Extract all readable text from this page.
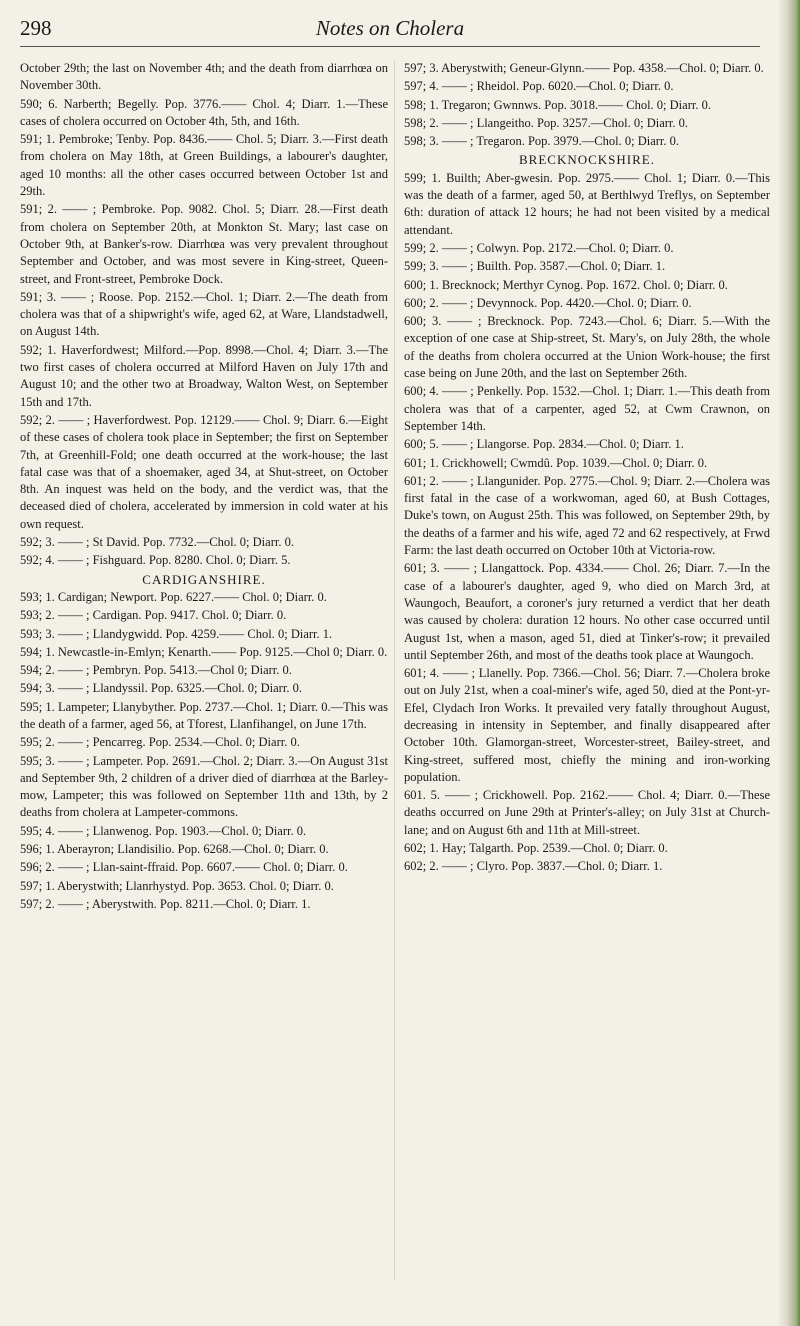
298	Notes on Cholera

October 29th; the last on November 4th; and the death from diarrhœa on November 30th.

590; 6. Narberth; Begelly. Pop. 3776.—— Chol. 4; Diarr. 1.—These cases of cholera occurred on October 4th, 5th, and 16th.

591; 1. Pembroke; Tenby. Pop. 8436.—— Chol. 5; Diarr. 3.—First death from cholera on May 18th, at Green Buildings, a labourer's daughter, aged 10 months: all the other cases occurred between October 1st and 29th.

591; 2. —— ; Pembroke. Pop. 9082. Chol. 5; Diarr. 28.—First death from cholera on September 20th, at Monkton St. Mary; last case on October 9th, at Banker's-row. Diarrhœa was very prevalent throughout September and October, and was most severe in King-street, Queen-street, and Front-street, Pembroke Dock.

591; 3. —— ; Roose. Pop. 2152.—Chol. 1; Diarr. 2.—The death from cholera was that of a shipwright's wife, aged 62, at Ware, Llandstadwell, on August 14th.

592; 1. Haverfordwest; Milford.—Pop. 8998.—Chol. 4; Diarr. 3.—The two first cases of cholera occurred at Milford Haven on July 17th and August 10; and the other two at Broadway, Walton West, on September 15th and 17th.

592; 2. —— ; Haverfordwest. Pop. 12129.—— Chol. 9; Diarr. 6.—Eight of these cases of cholera took place in September; the first on September 7th, at Greenhill-Fold; one death occurred at the work-house; the last fatal case was that of a shoemaker, aged 34, at Shut-street, on October 8th. An inquest was held on the body, and the verdict was, that the deceased died of cholera, accelerated by immersion in cold water at his own request.

592; 3. —— ; St David. Pop. 7732.—Chol. 0; Diarr. 0.

592; 4. —— ; Fishguard. Pop. 8280. Chol. 0; Diarr. 5.

CARDIGANSHIRE.

593; 1. Cardigan; Newport. Pop. 6227.—— Chol. 0; Diarr. 0.

593; 2. —— ; Cardigan. Pop. 9417. Chol. 0; Diarr. 0.

593; 3. —— ; Llandygwidd. Pop. 4259.—— Chol. 0; Diarr. 1.

594; 1. Newcastle-in-Emlyn; Kenarth.—— Pop. 9125.—Chol 0; Diarr. 0.

594; 2. —— ; Pembryn. Pop. 5413.—Chol 0; Diarr. 0.

594; 3. —— ; Llandyssil. Pop. 6325.—Chol. 0; Diarr. 0.

595; 1. Lampeter; Llanybyther. Pop. 2737.—Chol. 1; Diarr. 0.—This was the death of a farmer, aged 56, at Tforest, Llanfihangel, on June 17th.

595; 2. —— ; Pencarreg. Pop. 2534.—Chol. 0; Diarr. 0.

595; 3. —— ; Lampeter. Pop. 2691.—Chol. 2; Diarr. 3.—On August 31st and September 9th, 2 children of a driver died of diarrhœa at the Barley-mow, Lampeter; this was followed on September 11th and 13th, by 2 deaths from cholera at Lampeter-commons.

595; 4. —— ; Llanwenog. Pop. 1903.—Chol. 0; Diarr. 0.

596; 1. Aberayron; Llandisilio. Pop. 6268.—Chol. 0; Diarr. 0.

596; 2. —— ; Llan-saint-ffraid. Pop. 6607.—— Chol. 0; Diarr. 0.

597; 1. Aberystwith; Llanrhystyd. Pop. 3653. Chol. 0; Diarr. 0.

597; 2. —— ; Aberystwith. Pop. 8211.—Chol. 0; Diarr. 1.

597; 3. Aberystwith; Geneur-Glynn.—— Pop. 4358.—Chol. 0; Diarr. 0.

597; 4. —— ; Rheidol. Pop. 6020.—Chol. 0; Diarr. 0.

598; 1. Tregaron; Gwnnws. Pop. 3018.—— Chol. 0; Diarr. 0.

598; 2. —— ; Llangeitho. Pop. 3257.—Chol. 0; Diarr. 0.

598; 3. —— ; Tregaron. Pop. 3979.—Chol. 0; Diarr. 0.

BRECKNOCKSHIRE.

599; 1. Builth; Aber-gwesin. Pop. 2975.—— Chol. 1; Diarr. 0.—This was the death of a farmer, aged 50, at Berthlwyd Treflys, on September 6th: duration of attack 12 hours; he had not been visited by a medical attendant.

599; 2. —— ; Colwyn. Pop. 2172.—Chol. 0; Diarr. 0.

599; 3. —— ; Builth. Pop. 3587.—Chol. 0; Diarr. 1.

600; 1. Brecknock; Merthyr Cynog. Pop. 1672. Chol. 0; Diarr. 0.

600; 2. —— ; Devynnock. Pop. 4420.—Chol. 0; Diarr. 0.

600; 3. —— ; Brecknock. Pop. 7243.—Chol. 6; Diarr. 5.—With the exception of one case at Ship-street, St. Mary's, on July 28th, the whole of the deaths from cholera occurred at the Union Work-house; the first case being on June 20th, and the last on September 26th.

600; 4. —— ; Penkelly. Pop. 1532.—Chol. 1; Diarr. 1.—This death from cholera was that of a carpenter, aged 52, at Cwm Crawnon, on September 14th.

600; 5. —— ; Llangorse. Pop. 2834.—Chol. 0; Diarr. 1.

601; 1. Crickhowell; Cwmdû. Pop. 1039.—Chol. 0; Diarr. 0.

601; 2. —— ; Llangunider. Pop. 2775.—Chol. 9; Diarr. 2.—Cholera was first fatal in the case of a workwoman, aged 60, at Bush Cottages, Duke's town, on August 25th. This was followed, on September 29th, by the deaths of a farmer and his wife, aged 72 and 62 respectively, at Frwd Farm: the last death occurred on October 10th at Victoria-row.

601; 3. —— ; Llangattock. Pop. 4334.—— Chol. 26; Diarr. 7.—In the case of a labourer's daughter, aged 9, who died on March 3rd, at Waungoch, Beaufort, a coroner's jury returned a verdict that her death was caused by cholera: duration 12 hours. No other case occurred until August 1st, when a mason, aged 51, died at Tinker's-row; it prevailed until September 26th, and most of the deaths took place at Waungoch.

601; 4. —— ; Llanelly. Pop. 7366.—Chol. 56; Diarr. 7.—Cholera broke out on July 21st, when a coal-miner's wife, aged 50, died at the Pont-yr-Efel, Clydach Iron Works. It prevailed very fatally throughout August, decreasing in intensity in September, and finally disappeared after October 10th. Glamorgan-street, Worcester-street, Bailey-street, and King-street, suffered most, chiefly the mining and iron-working population.

601. 5. —— ; Crickhowell. Pop. 2162.—— Chol. 4; Diarr. 0.—These deaths occurred on June 29th at Printer's-alley; on July 31st at Church-lane; and on August 6th and 11th at Mill-street.

602; 1. Hay; Talgarth. Pop. 2539.—Chol. 0; Diarr. 0.

602; 2. —— ; Clyro. Pop. 3837.—Chol. 0; Diarr. 1.
